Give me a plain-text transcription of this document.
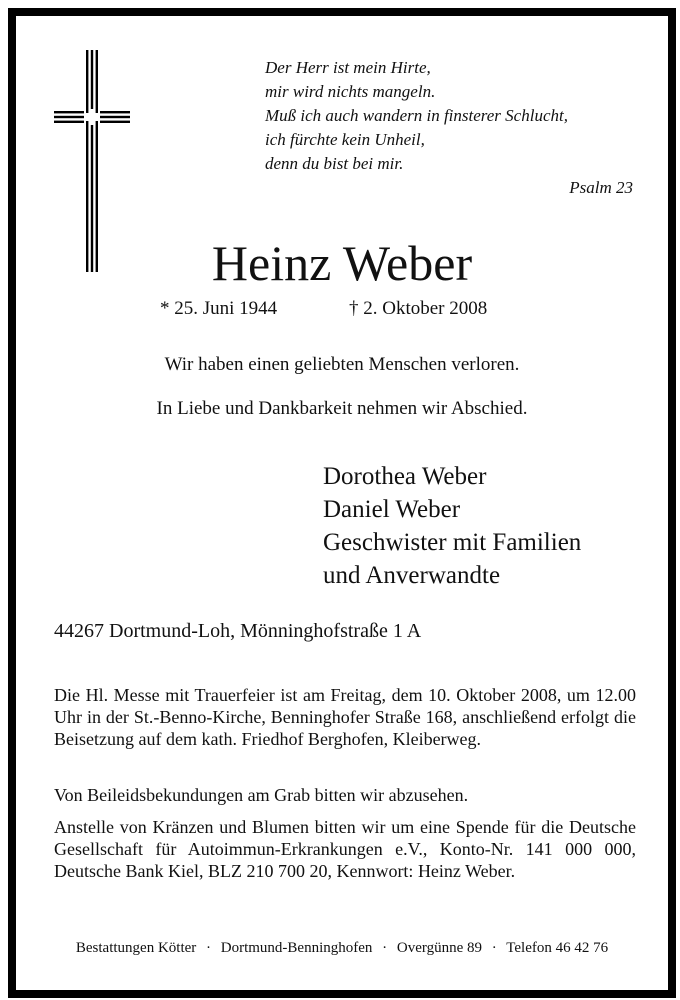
Der Herr ist mein Hirte,
mir wird nichts mangeln.
Muß ich auch wandern in finsterer Schlucht,
ich fürchte kein Unheil,
denn du bist bei mir.
Psalm 23
Heinz Weber
* 25. Juni 1944	† 2. Oktober 2008
Wir haben einen geliebten Menschen verloren.
In Liebe und Dankbarkeit nehmen wir Abschied.
Dorothea Weber
Daniel Weber
Geschwister mit Familien
und Anverwandte
44267 Dortmund-Loh, Mönninghofstraße 1 A
Die Hl. Messe mit Trauerfeier ist am Freitag, dem 10. Oktober 2008, um 12.00 Uhr in der St.-Benno-Kirche, Benninghofer Straße 168, anschließend erfolgt die Beisetzung auf dem kath. Friedhof Berghofen, Kleiberweg.
Von Beileidsbekundungen am Grab bitten wir abzusehen.
Anstelle von Kränzen und Blumen bitten wir um eine Spende für die Deutsche Gesellschaft für Autoimmun-Erkrankungen e.V., Konto-Nr. 141 000 000, Deutsche Bank Kiel, BLZ 210 700 20, Kennwort: Heinz Weber.
Bestattungen Kötter · Dortmund-Benninghofen · Overgünne 89 · Telefon 46 42 76
